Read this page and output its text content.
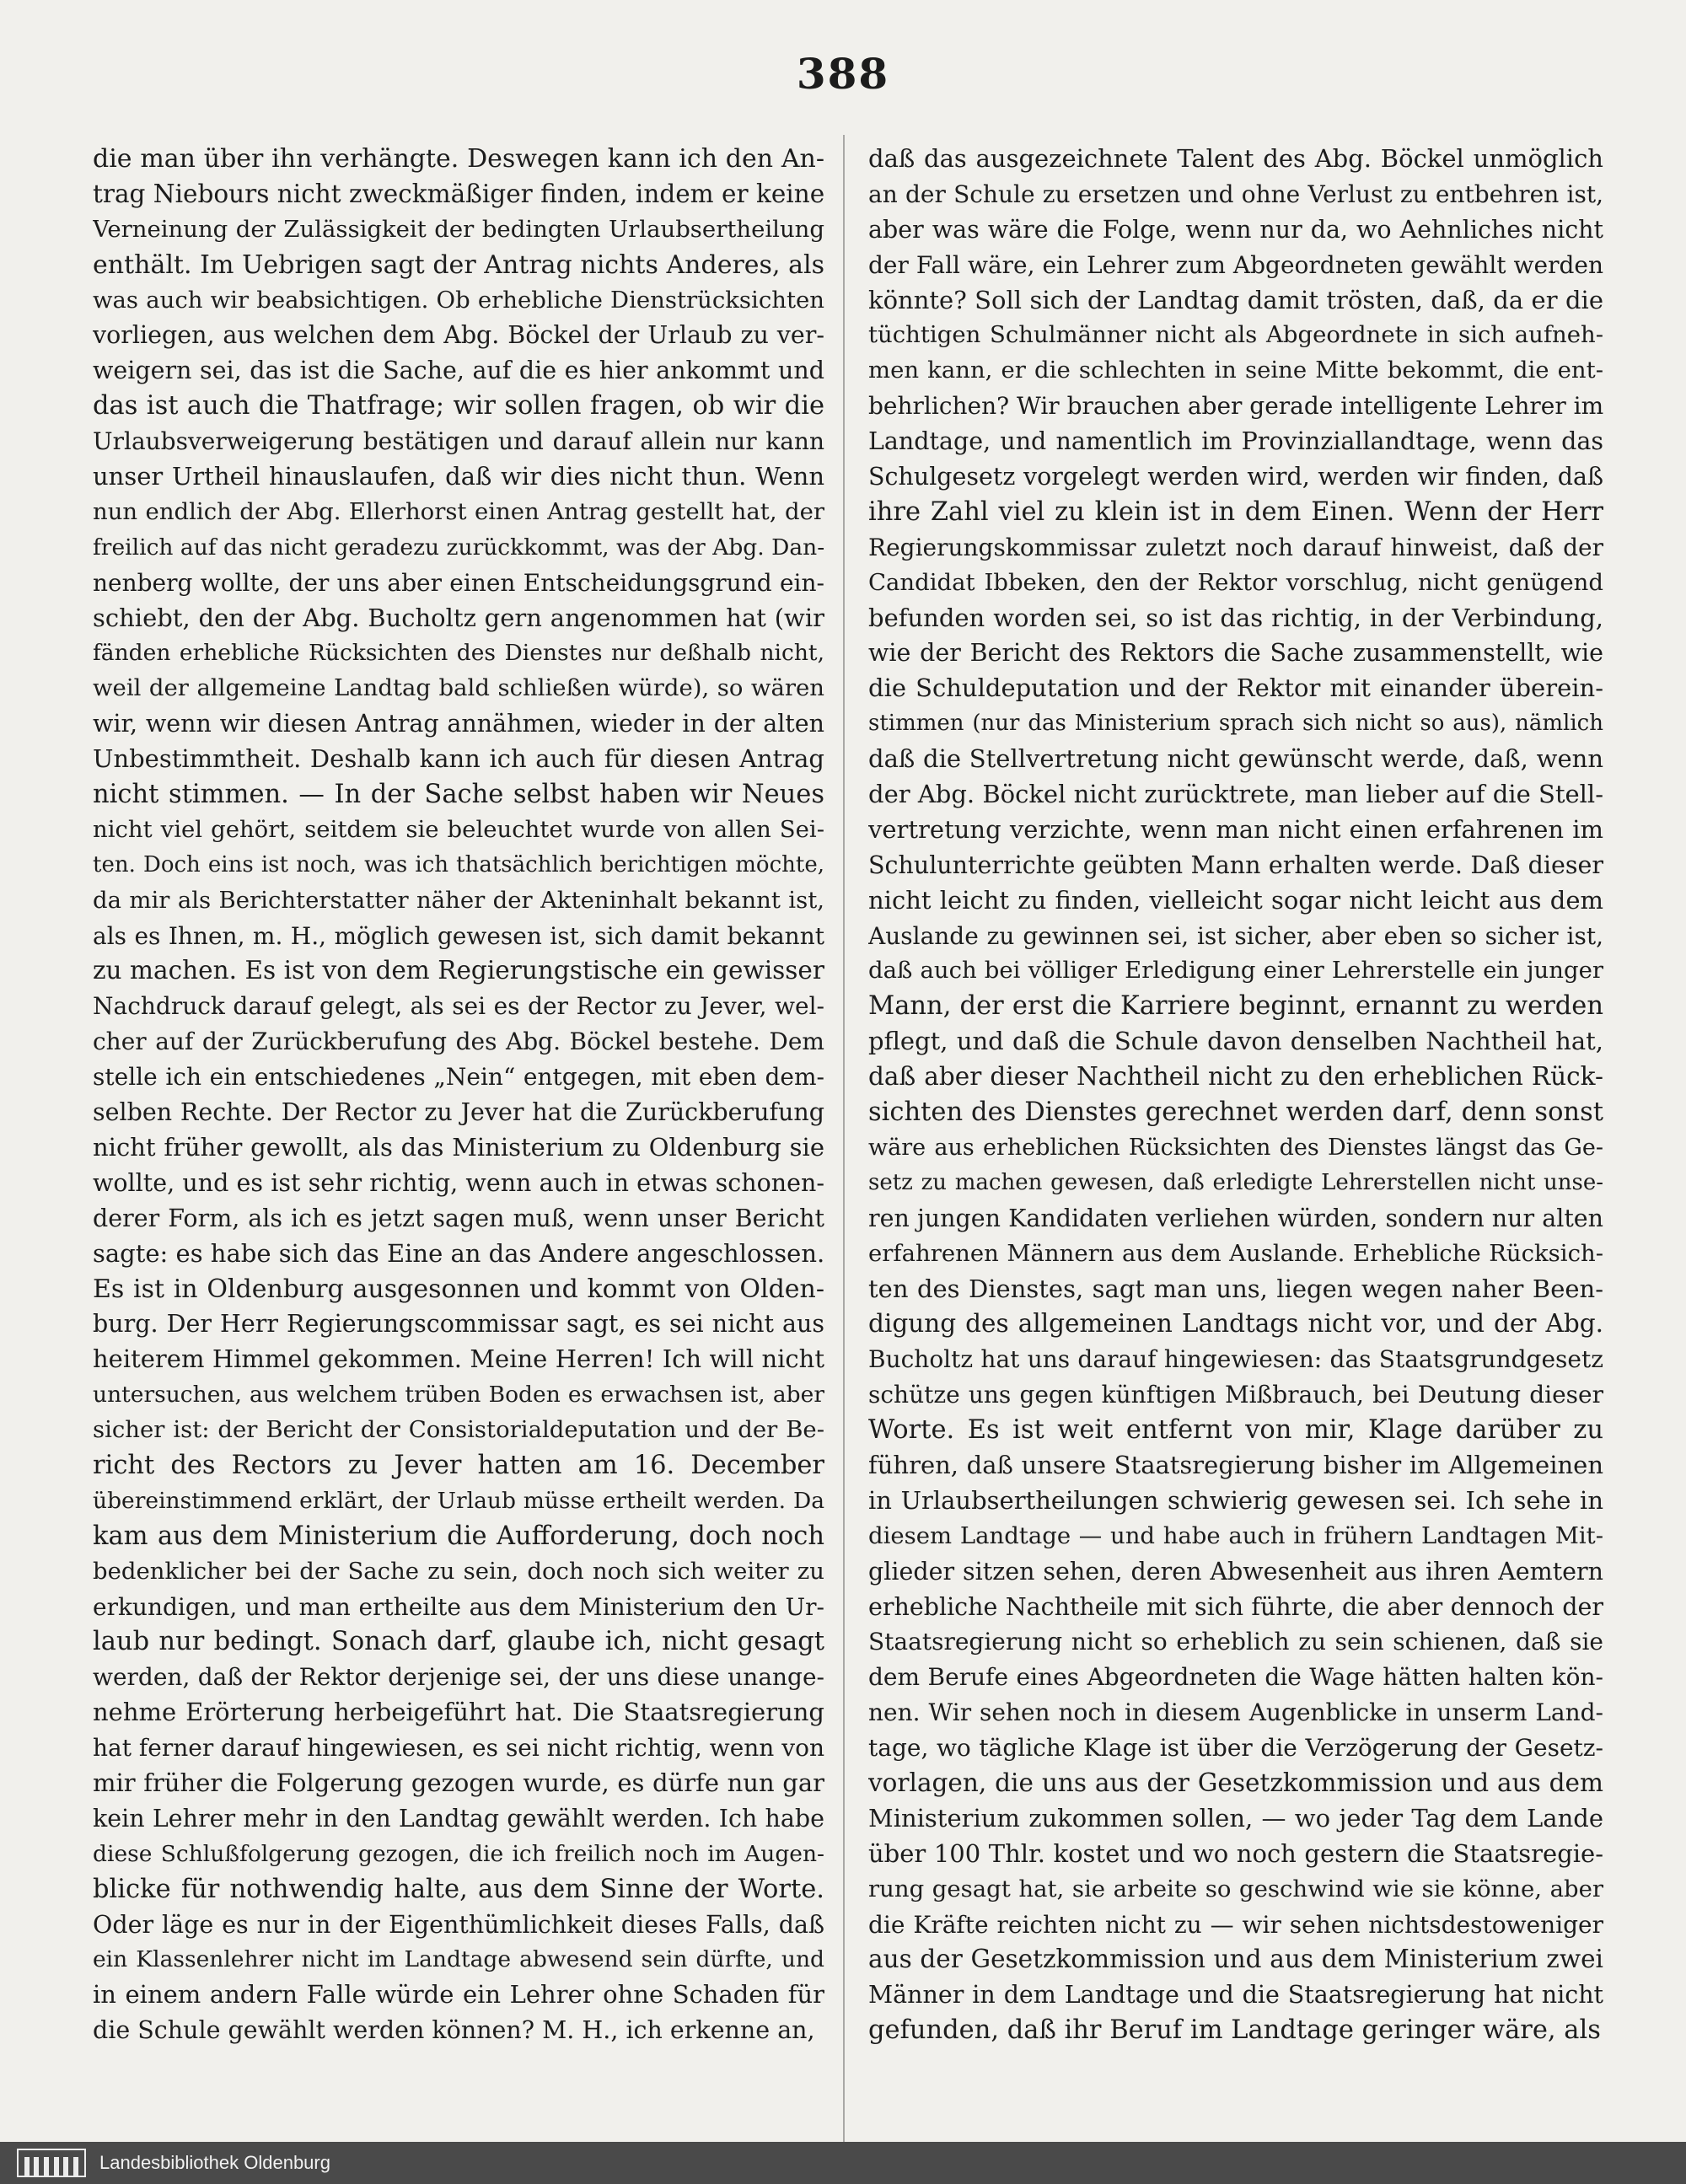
388
die man über ihn verhängte. Deswegen kann ich den An-
trag Niebours nicht zweckmäßiger finden, indem er keine
Verneinung der Zulässigkeit der bedingten Urlaubsertheilung
enthält. Im Uebrigen sagt der Antrag nichts Anderes, als
was auch wir beabsichtigen. Ob erhebliche Dienstrücksichten
vorliegen, aus welchen dem Abg. Böckel der Urlaub zu ver-
weigern sei, das ist die Sache, auf die es hier ankommt und
das ist auch die Thatfrage; wir sollen fragen, ob wir die
Urlaubsverweigerung bestätigen und darauf allein nur kann
unser Urtheil hinauslaufen, daß wir dies nicht thun. Wenn
nun endlich der Abg. Ellerhorst einen Antrag gestellt hat, der
freilich auf das nicht geradezu zurückkommt, was der Abg. Dan-
nenberg wollte, der uns aber einen Entscheidungsgrund ein-
schiebt, den der Abg. Bucholtz gern angenommen hat (wir
fänden erhebliche Rücksichten des Dienstes nur deßhalb nicht,
weil der allgemeine Landtag bald schließen würde), so wären
wir, wenn wir diesen Antrag annähmen, wieder in der alten
Unbestimmtheit. Deshalb kann ich auch für diesen Antrag
nicht stimmen. — In der Sache selbst haben wir Neues
nicht viel gehört, seitdem sie beleuchtet wurde von allen Sei-
ten. Doch eins ist noch, was ich thatsächlich berichtigen möchte,
da mir als Berichterstatter näher der Akteninhalt bekannt ist,
als es Ihnen, m. H., möglich gewesen ist, sich damit bekannt
zu machen. Es ist von dem Regierungstische ein gewisser
Nachdruck darauf gelegt, als sei es der Rector zu Jever, wel-
cher auf der Zurückberufung des Abg. Böckel bestehe. Dem
stelle ich ein entschiedenes „Nein“ entgegen, mit eben dem-
selben Rechte. Der Rector zu Jever hat die Zurückberufung
nicht früher gewollt, als das Ministerium zu Oldenburg sie
wollte, und es ist sehr richtig, wenn auch in etwas schonen-
derer Form, als ich es jetzt sagen muß, wenn unser Bericht
sagte: es habe sich das Eine an das Andere angeschlossen.
Es ist in Oldenburg ausgesonnen und kommt von Olden-
burg. Der Herr Regierungscommissar sagt, es sei nicht aus
heiterem Himmel gekommen. Meine Herren! Ich will nicht
untersuchen, aus welchem trüben Boden es erwachsen ist, aber
sicher ist: der Bericht der Consistorialdeputation und der Be-
richt des Rectors zu Jever hatten am 16. December
übereinstimmend erklärt, der Urlaub müsse ertheilt werden. Da
kam aus dem Ministerium die Aufforderung, doch noch
bedenklicher bei der Sache zu sein, doch noch sich weiter zu
erkundigen, und man ertheilte aus dem Ministerium den Ur-
laub nur bedingt. Sonach darf, glaube ich, nicht gesagt
werden, daß der Rektor derjenige sei, der uns diese unange-
nehme Erörterung herbeigeführt hat. Die Staatsregierung
hat ferner darauf hingewiesen, es sei nicht richtig, wenn von
mir früher die Folgerung gezogen wurde, es dürfe nun gar
kein Lehrer mehr in den Landtag gewählt werden. Ich habe
diese Schlußfolgerung gezogen, die ich freilich noch im Augen-
blicke für nothwendig halte, aus dem Sinne der Worte.
Oder läge es nur in der Eigenthümlichkeit dieses Falls, daß
ein Klassenlehrer nicht im Landtage abwesend sein dürfte, und
in einem andern Falle würde ein Lehrer ohne Schaden für
die Schule gewählt werden können? M. H., ich erkenne an,
daß das ausgezeichnete Talent des Abg. Böckel unmöglich
an der Schule zu ersetzen und ohne Verlust zu entbehren ist,
aber was wäre die Folge, wenn nur da, wo Aehnliches nicht
der Fall wäre, ein Lehrer zum Abgeordneten gewählt werden
könnte? Soll sich der Landtag damit trösten, daß, da er die
tüchtigen Schulmänner nicht als Abgeordnete in sich aufneh-
men kann, er die schlechten in seine Mitte bekommt, die ent-
behrlichen? Wir brauchen aber gerade intelligente Lehrer im
Landtage, und namentlich im Provinziallandtage, wenn das
Schulgesetz vorgelegt werden wird, werden wir finden, daß
ihre Zahl viel zu klein ist in dem Einen. Wenn der Herr
Regierungskommissar zuletzt noch darauf hinweist, daß der
Candidat Ibbeken, den der Rektor vorschlug, nicht genügend
befunden worden sei, so ist das richtig, in der Verbindung,
wie der Bericht des Rektors die Sache zusammenstellt, wie
die Schuldeputation und der Rektor mit einander überein-
stimmen (nur das Ministerium sprach sich nicht so aus), nämlich
daß die Stellvertretung nicht gewünscht werde, daß, wenn
der Abg. Böckel nicht zurücktrete, man lieber auf die Stell-
vertretung verzichte, wenn man nicht einen erfahrenen im
Schulunterrichte geübten Mann erhalten werde. Daß dieser
nicht leicht zu finden, vielleicht sogar nicht leicht aus dem
Auslande zu gewinnen sei, ist sicher, aber eben so sicher ist,
daß auch bei völliger Erledigung einer Lehrerstelle ein junger
Mann, der erst die Karriere beginnt, ernannt zu werden
pflegt, und daß die Schule davon denselben Nachtheil hat,
daß aber dieser Nachtheil nicht zu den erheblichen Rück-
sichten des Dienstes gerechnet werden darf, denn sonst
wäre aus erheblichen Rücksichten des Dienstes längst das Ge-
setz zu machen gewesen, daß erledigte Lehrerstellen nicht unse-
ren jungen Kandidaten verliehen würden, sondern nur alten
erfahrenen Männern aus dem Auslande. Erhebliche Rücksich-
ten des Dienstes, sagt man uns, liegen wegen naher Been-
digung des allgemeinen Landtags nicht vor, und der Abg.
Bucholtz hat uns darauf hingewiesen: das Staatsgrundgesetz
schütze uns gegen künftigen Mißbrauch, bei Deutung dieser
Worte. Es ist weit entfernt von mir, Klage darüber zu
führen, daß unsere Staatsregierung bisher im Allgemeinen
in Urlaubsertheilungen schwierig gewesen sei. Ich sehe in
diesem Landtage — und habe auch in frühern Landtagen Mit-
glieder sitzen sehen, deren Abwesenheit aus ihren Aemtern
erhebliche Nachtheile mit sich führte, die aber dennoch der
Staatsregierung nicht so erheblich zu sein schienen, daß sie
dem Berufe eines Abgeordneten die Wage hätten halten kön-
nen. Wir sehen noch in diesem Augenblicke in unserm Land-
tage, wo tägliche Klage ist über die Verzögerung der Gesetz-
vorlagen, die uns aus der Gesetzkommission und aus dem
Ministerium zukommen sollen, — wo jeder Tag dem Lande
über 100 Thlr. kostet und wo noch gestern die Staatsregie-
rung gesagt hat, sie arbeite so geschwind wie sie könne, aber
die Kräfte reichten nicht zu — wir sehen nichtsdestoweniger
aus der Gesetzkommission und aus dem Ministerium zwei
Männer in dem Landtage und die Staatsregierung hat nicht
gefunden, daß ihr Beruf im Landtage geringer wäre, als
Landesbibliothek Oldenburg
